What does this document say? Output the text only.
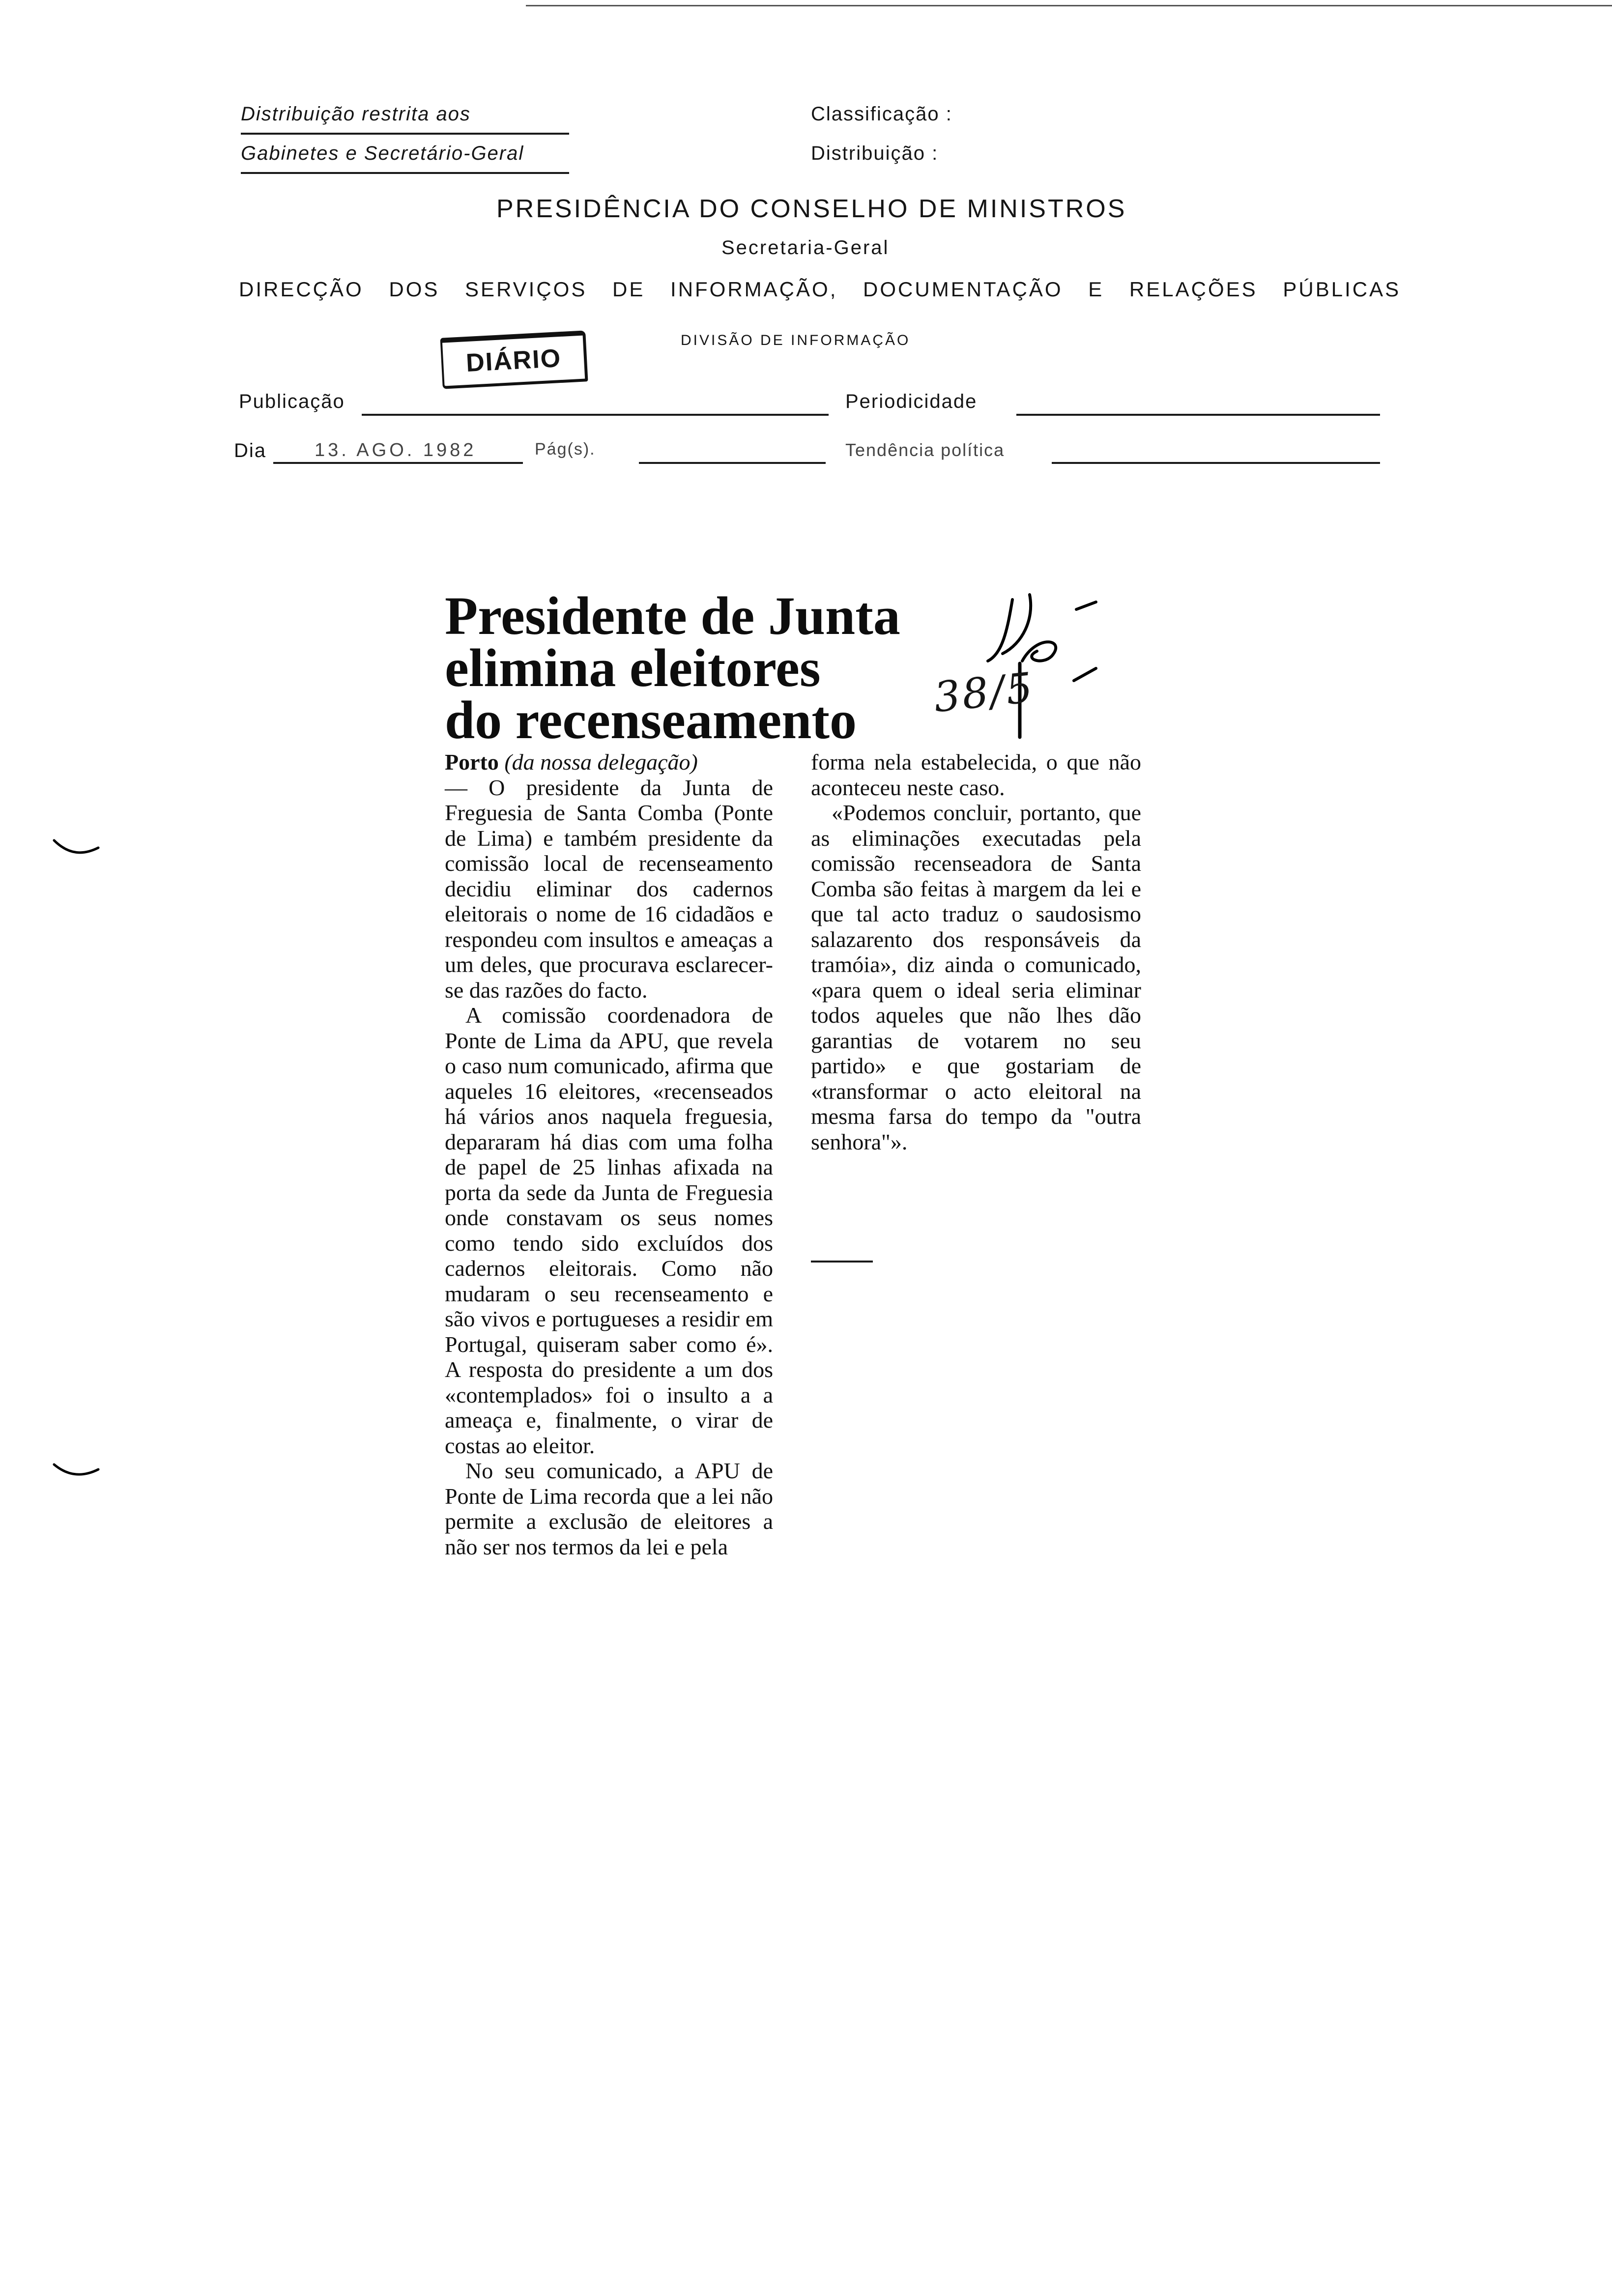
Distribuição restrita aos
Gabinetes e Secretário-Geral
Classificação :
Distribuição :
PRESIDÊNCIA DO CONSELHO DE MINISTROS
Secretaria-Geral
DIRECÇÃO DOS SERVIÇOS DE INFORMAÇÃO, DOCUMENTAÇÃO E RELAÇÕES PÚBLICAS
DIÁRIO
DIVISÃO DE INFORMAÇÃO
Publicação	Periodicidade
Dia	13. AGO. 1982	Pág(s).	Tendência política
Presidente de Junta
elimina eleitores
do recenseamento	38/5

Porto (da nossa delegação)

— O presidente da Junta de Freguesia de Santa Comba (Ponte de Lima) e também presidente da comissão local de recenseamento decidiu eliminar dos cadernos eleitorais o nome de 16 cidadãos e respondeu com insultos e ameaças a um deles, que procurava esclarecer-se das razões do facto.

A comissão coordenadora de Ponte de Lima da APU, que revela o caso num comunicado, afirma que aqueles 16 eleitores, «recenseados há vários anos naquela freguesia, depararam há dias com uma folha de papel de 25 linhas afixada na porta da sede da Junta de Freguesia onde constavam os seus nomes como tendo sido excluídos dos cadernos eleitorais. Como não mudaram o seu recenseamento e são vivos e portugueses a residir em Portugal, quiseram saber como é». A resposta do presidente a um dos «contemplados» foi o insulto a a ameaça e, finalmente, o virar de costas ao eleitor.

No seu comunicado, a APU de Ponte de Lima recorda que a lei não permite a exclusão de eleitores a não ser nos termos da lei e pela

forma nela estabelecida, o que não aconteceu neste caso.

«Podemos concluir, portanto, que as eliminações executadas pela comissão recenseadora de Santa Comba são feitas à margem da lei e que tal acto traduz o saudosismo salazarento dos responsáveis da tramóia», diz ainda o comunicado, «para quem o ideal seria eliminar todos aqueles que não lhes dão garantias de votarem no seu partido» e que gostariam de «transformar o acto eleitoral na mesma farsa do tempo da "outra senhora"».
